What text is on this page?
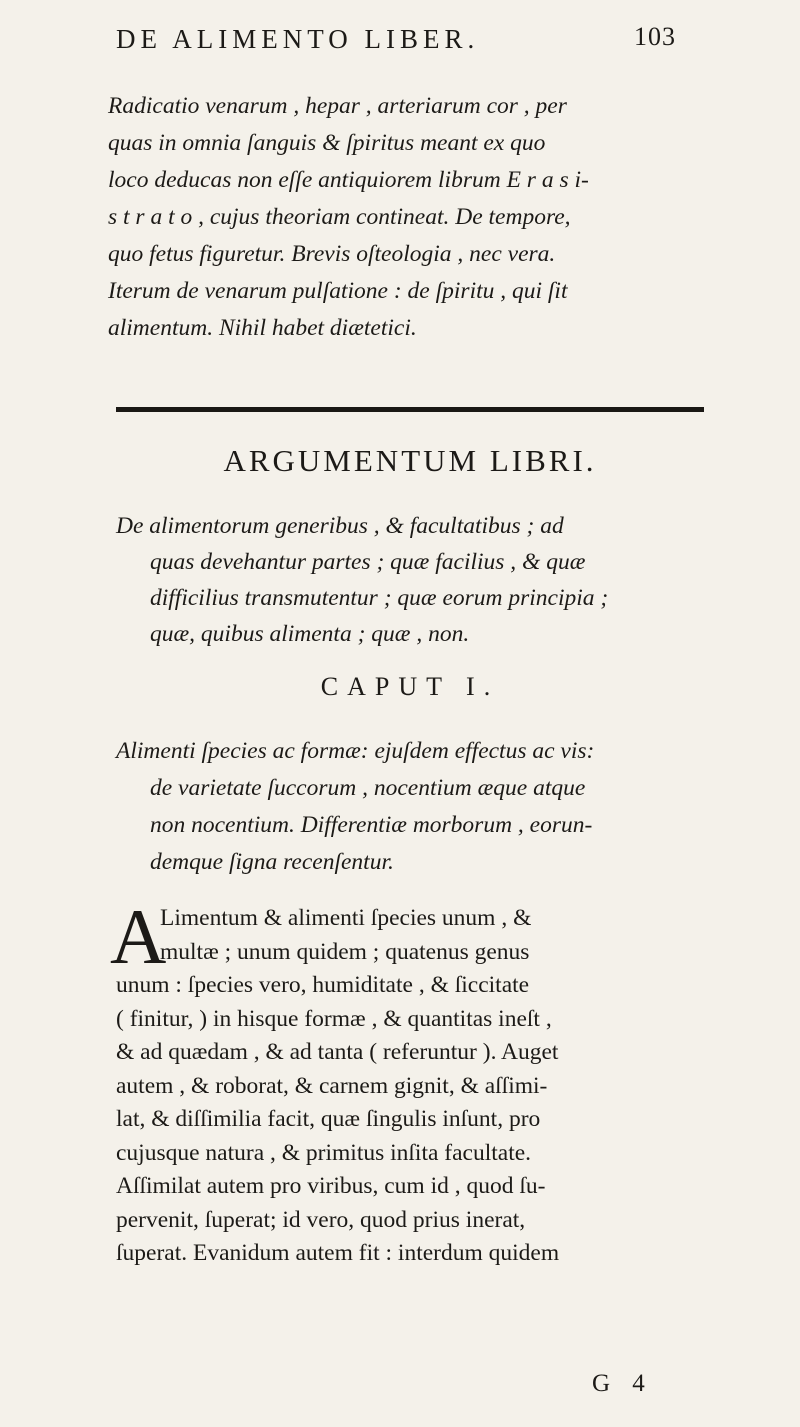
DE ALIMENTO LIBER.	103

Radicatio venarum , hepar , arteriarum cor , per
quas in omnia ſanguis & ſpiritus meant ex quo
loco deducas non eſſe antiquiorem librum E r a s i-
s t r a t o , cujus theoriam contineat. De tempore,
quo fetus figuretur. Brevis oſteologia , nec vera.
Iterum de venarum pulſatione : de ſpiritu , qui ſit
alimentum. Nihil habet diætetici.

ARGUMENTUM LIBRI.

De alimentorum generibus , & facultatibus ; ad
quas devehantur partes ; quæ facilius , & quæ
difficilius transmutentur ; quæ eorum principia ;
quæ, quibus alimenta ; quæ , non.

CAPUT I.

Alimenti ſpecies ac formæ: ejuſdem effectus ac vis:
de varietate ſuccorum , nocentium æque atque
non nocentium. Differentiæ morborum , eorun-
demque ſigna recenſentur.

A
Limentum & alimenti ſpecies unum , &
multæ ; unum quidem ; quatenus genus
unum : ſpecies vero, humiditate , & ſiccitate
( finitur, ) in hisque formæ , & quantitas ineſt ,
& ad quædam , & ad tanta ( referuntur ). Auget
autem , & roborat, & carnem gignit, & aſſimi-
lat, & diſſimilia facit, quæ ſingulis inſunt, pro
cujusque natura , & primitus inſita facultate.
Aſſimilat autem pro viribus, cum id , quod ſu-
pervenit, ſuperat; id vero, quod prius inerat,
ſuperat. Evanidum autem fit : interdum quidem
G 4
